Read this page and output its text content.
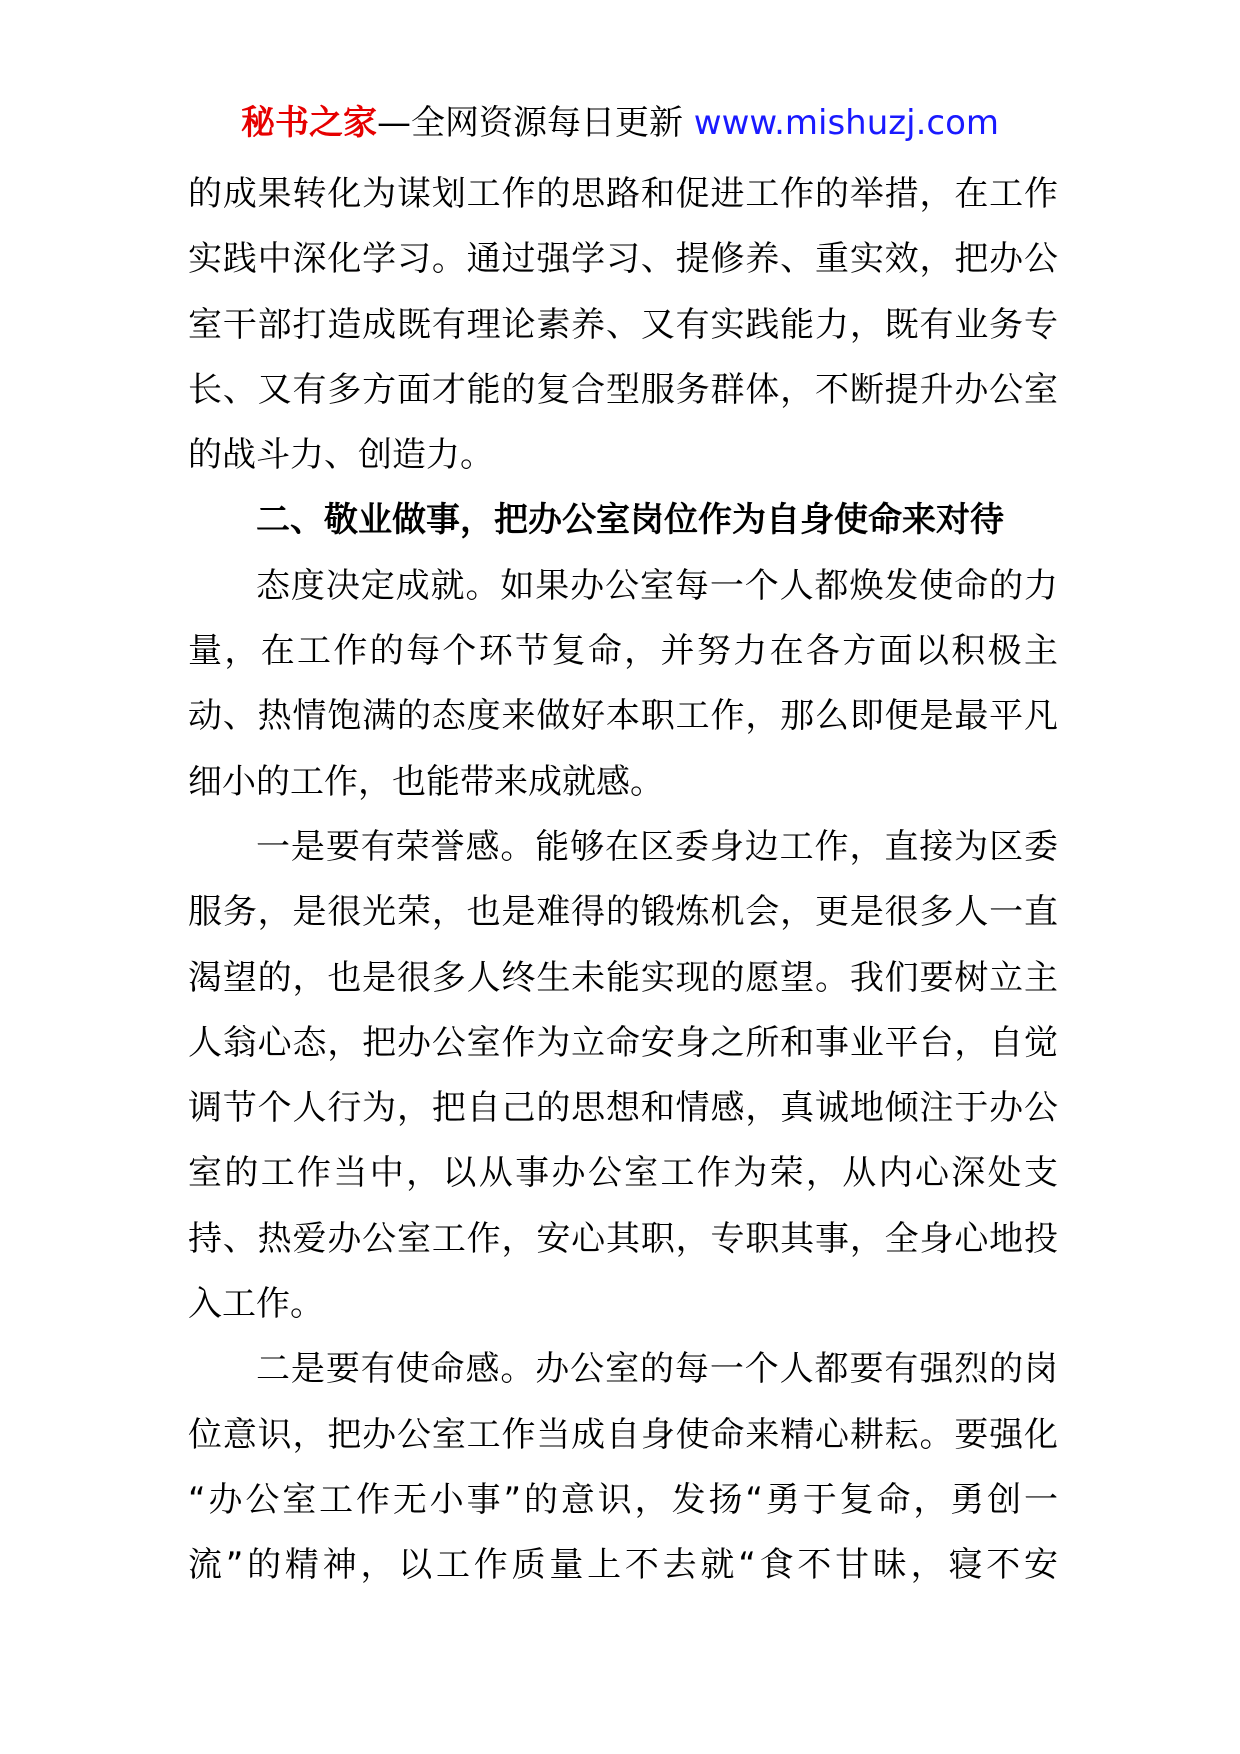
秘书之家—全网资源每日更新 www.mishuzj.com
的成果转化为谋划工作的思路和促进工作的举措，在工作
实践中深化学习。通过强学习、提修养、重实效，把办公
室干部打造成既有理论素养、又有实践能力，既有业务专
长、又有多方面才能的复合型服务群体，不断提升办公室
的战斗力、创造力。
二、敬业做事，把办公室岗位作为自身使命来对待
态度决定成就。如果办公室每一个人都焕发使命的力
量，在工作的每个环节复命，并努力在各方面以积极主
动、热情饱满的态度来做好本职工作，那么即便是最平凡
细小的工作，也能带来成就感。
一是要有荣誉感。能够在区委身边工作，直接为区委
服务，是很光荣，也是难得的锻炼机会，更是很多人一直
渴望的，也是很多人终生未能实现的愿望。我们要树立主
人翁心态，把办公室作为立命安身之所和事业平台，自觉
调节个人行为，把自己的思想和情感，真诚地倾注于办公
室的工作当中，以从事办公室工作为荣，从内心深处支
持、热爱办公室工作，安心其职，专职其事，全身心地投
入工作。
二是要有使命感。办公室的每一个人都要有强烈的岗
位意识，把办公室工作当成自身使命来精心耕耘。要强化
“办公室工作无小事”的意识，发扬“勇于复命，勇创一
流”的精神，以工作质量上不去就“食不甘昧，寝不安
